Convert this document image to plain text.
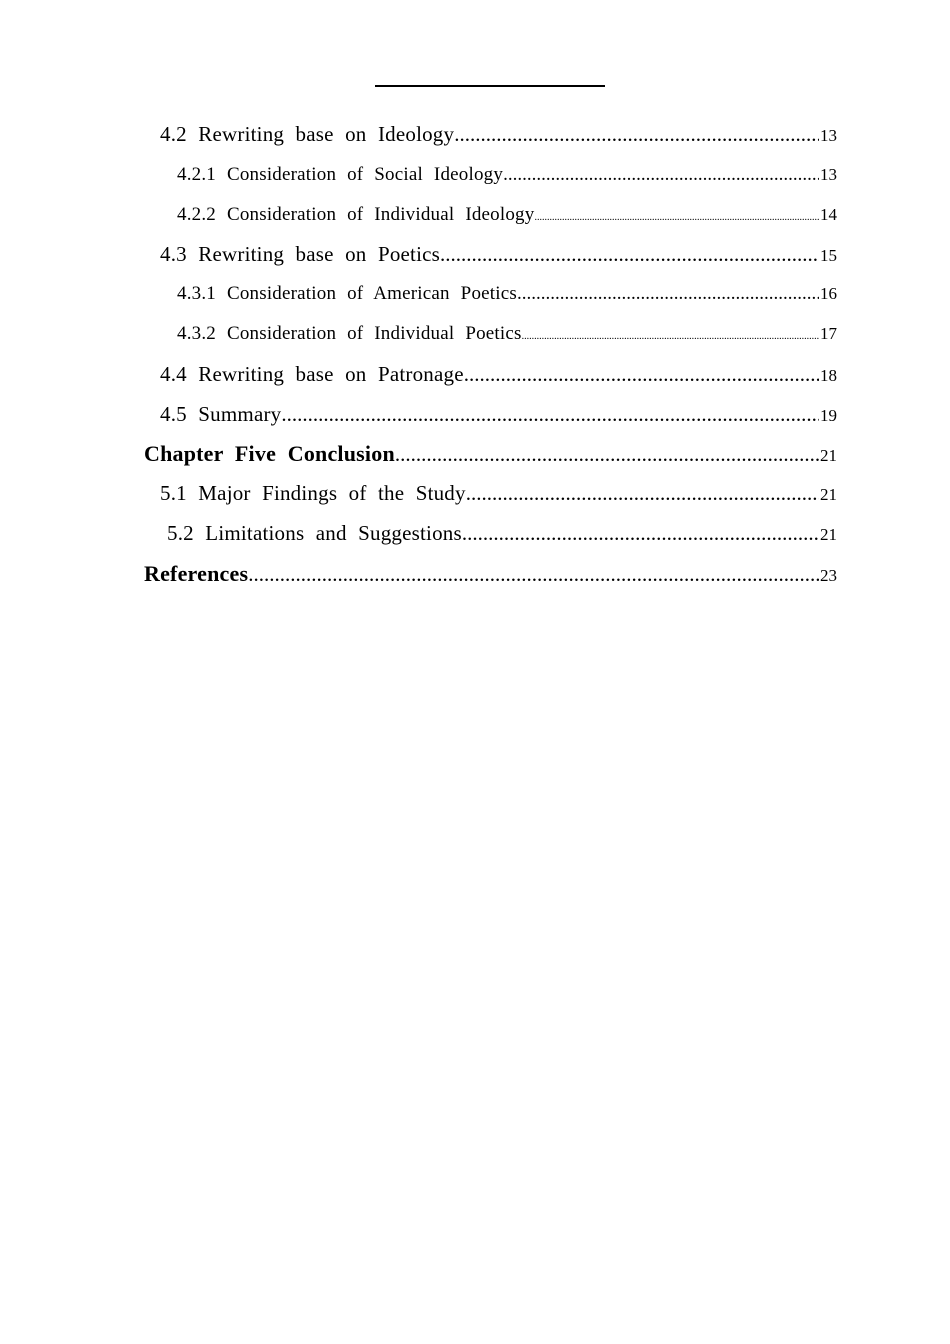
4.2 Rewriting base on Ideology .....	13
4.2.1 Consideration of Social Ideology .....	13
4.2.2 Consideration of Individual Ideology .....	14
4.3 Rewriting base on Poetics .....	15
4.3.1 Consideration of American Poetics .....	16
4.3.2 Consideration of Individual Poetics .....	17
4.4 Rewriting base on Patronage .....	18
4.5 Summary .....	19
Chapter Five Conclusion .....	21
5.1 Major Findings of the Study .....	21
5.2 Limitations and Suggestions .....	21
References .....	23
